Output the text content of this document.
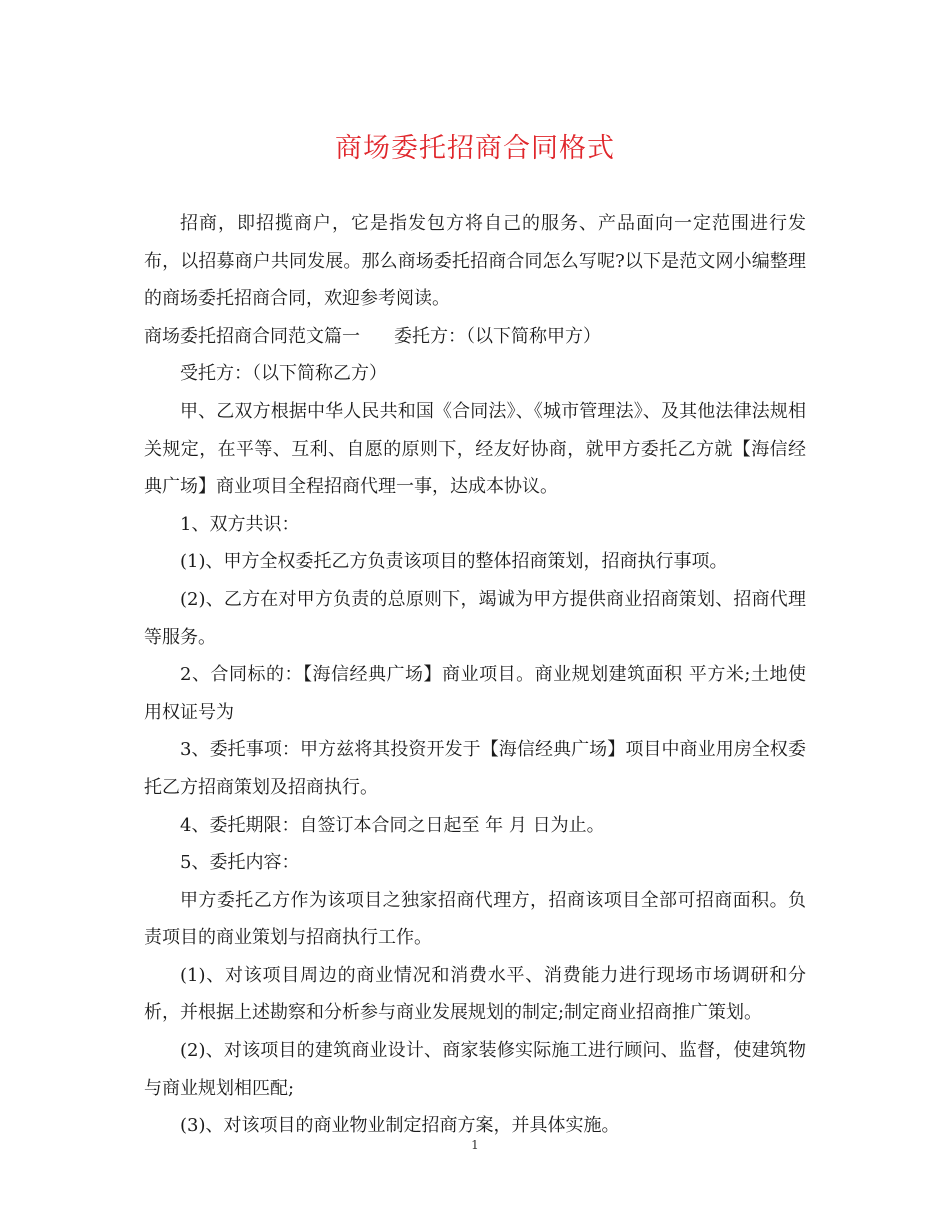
商场委托招商合同格式

招商，即招揽商户，它是指发包方将自己的服务、产品面向一定范围进行发布，以招募商户共同发展。那么商场委托招商合同怎么写呢?以下是范文网小编整理的商场委托招商合同，欢迎参考阅读。

商场委托招商合同范文篇一 委托方：（以下简称甲方）

受托方：（以下简称乙方）

甲、乙双方根据中华人民共和国《合同法》、《城市管理法》、及其他法律法规相关规定，在平等、互利、自愿的原则下，经友好协商，就甲方委托乙方就【海信经典广场】商业项目全程招商代理一事，达成本协议。

1、双方共识：

(1)、甲方全权委托乙方负责该项目的整体招商策划，招商执行事项。

(2)、乙方在对甲方负责的总原则下，竭诚为甲方提供商业招商策划、招商代理等服务。

2、合同标的：【海信经典广场】商业项目。商业规划建筑面积 平方米;土地使用权证号为

3、委托事项：甲方兹将其投资开发于【海信经典广场】项目中商业用房全权委托乙方招商策划及招商执行。

4、委托期限：自签订本合同之日起至 年 月 日为止。

5、委托内容：

甲方委托乙方作为该项目之独家招商代理方，招商该项目全部可招商面积。负责项目的商业策划与招商执行工作。

(1)、对该项目周边的商业情况和消费水平、消费能力进行现场市场调研和分析，并根据上述勘察和分析参与商业发展规划的制定;制定商业招商推广策划。

(2)、对该项目的建筑商业设计、商家装修实际施工进行顾问、监督，使建筑物与商业规划相匹配;

(3)、对该项目的商业物业制定招商方案，并具体实施。

1
